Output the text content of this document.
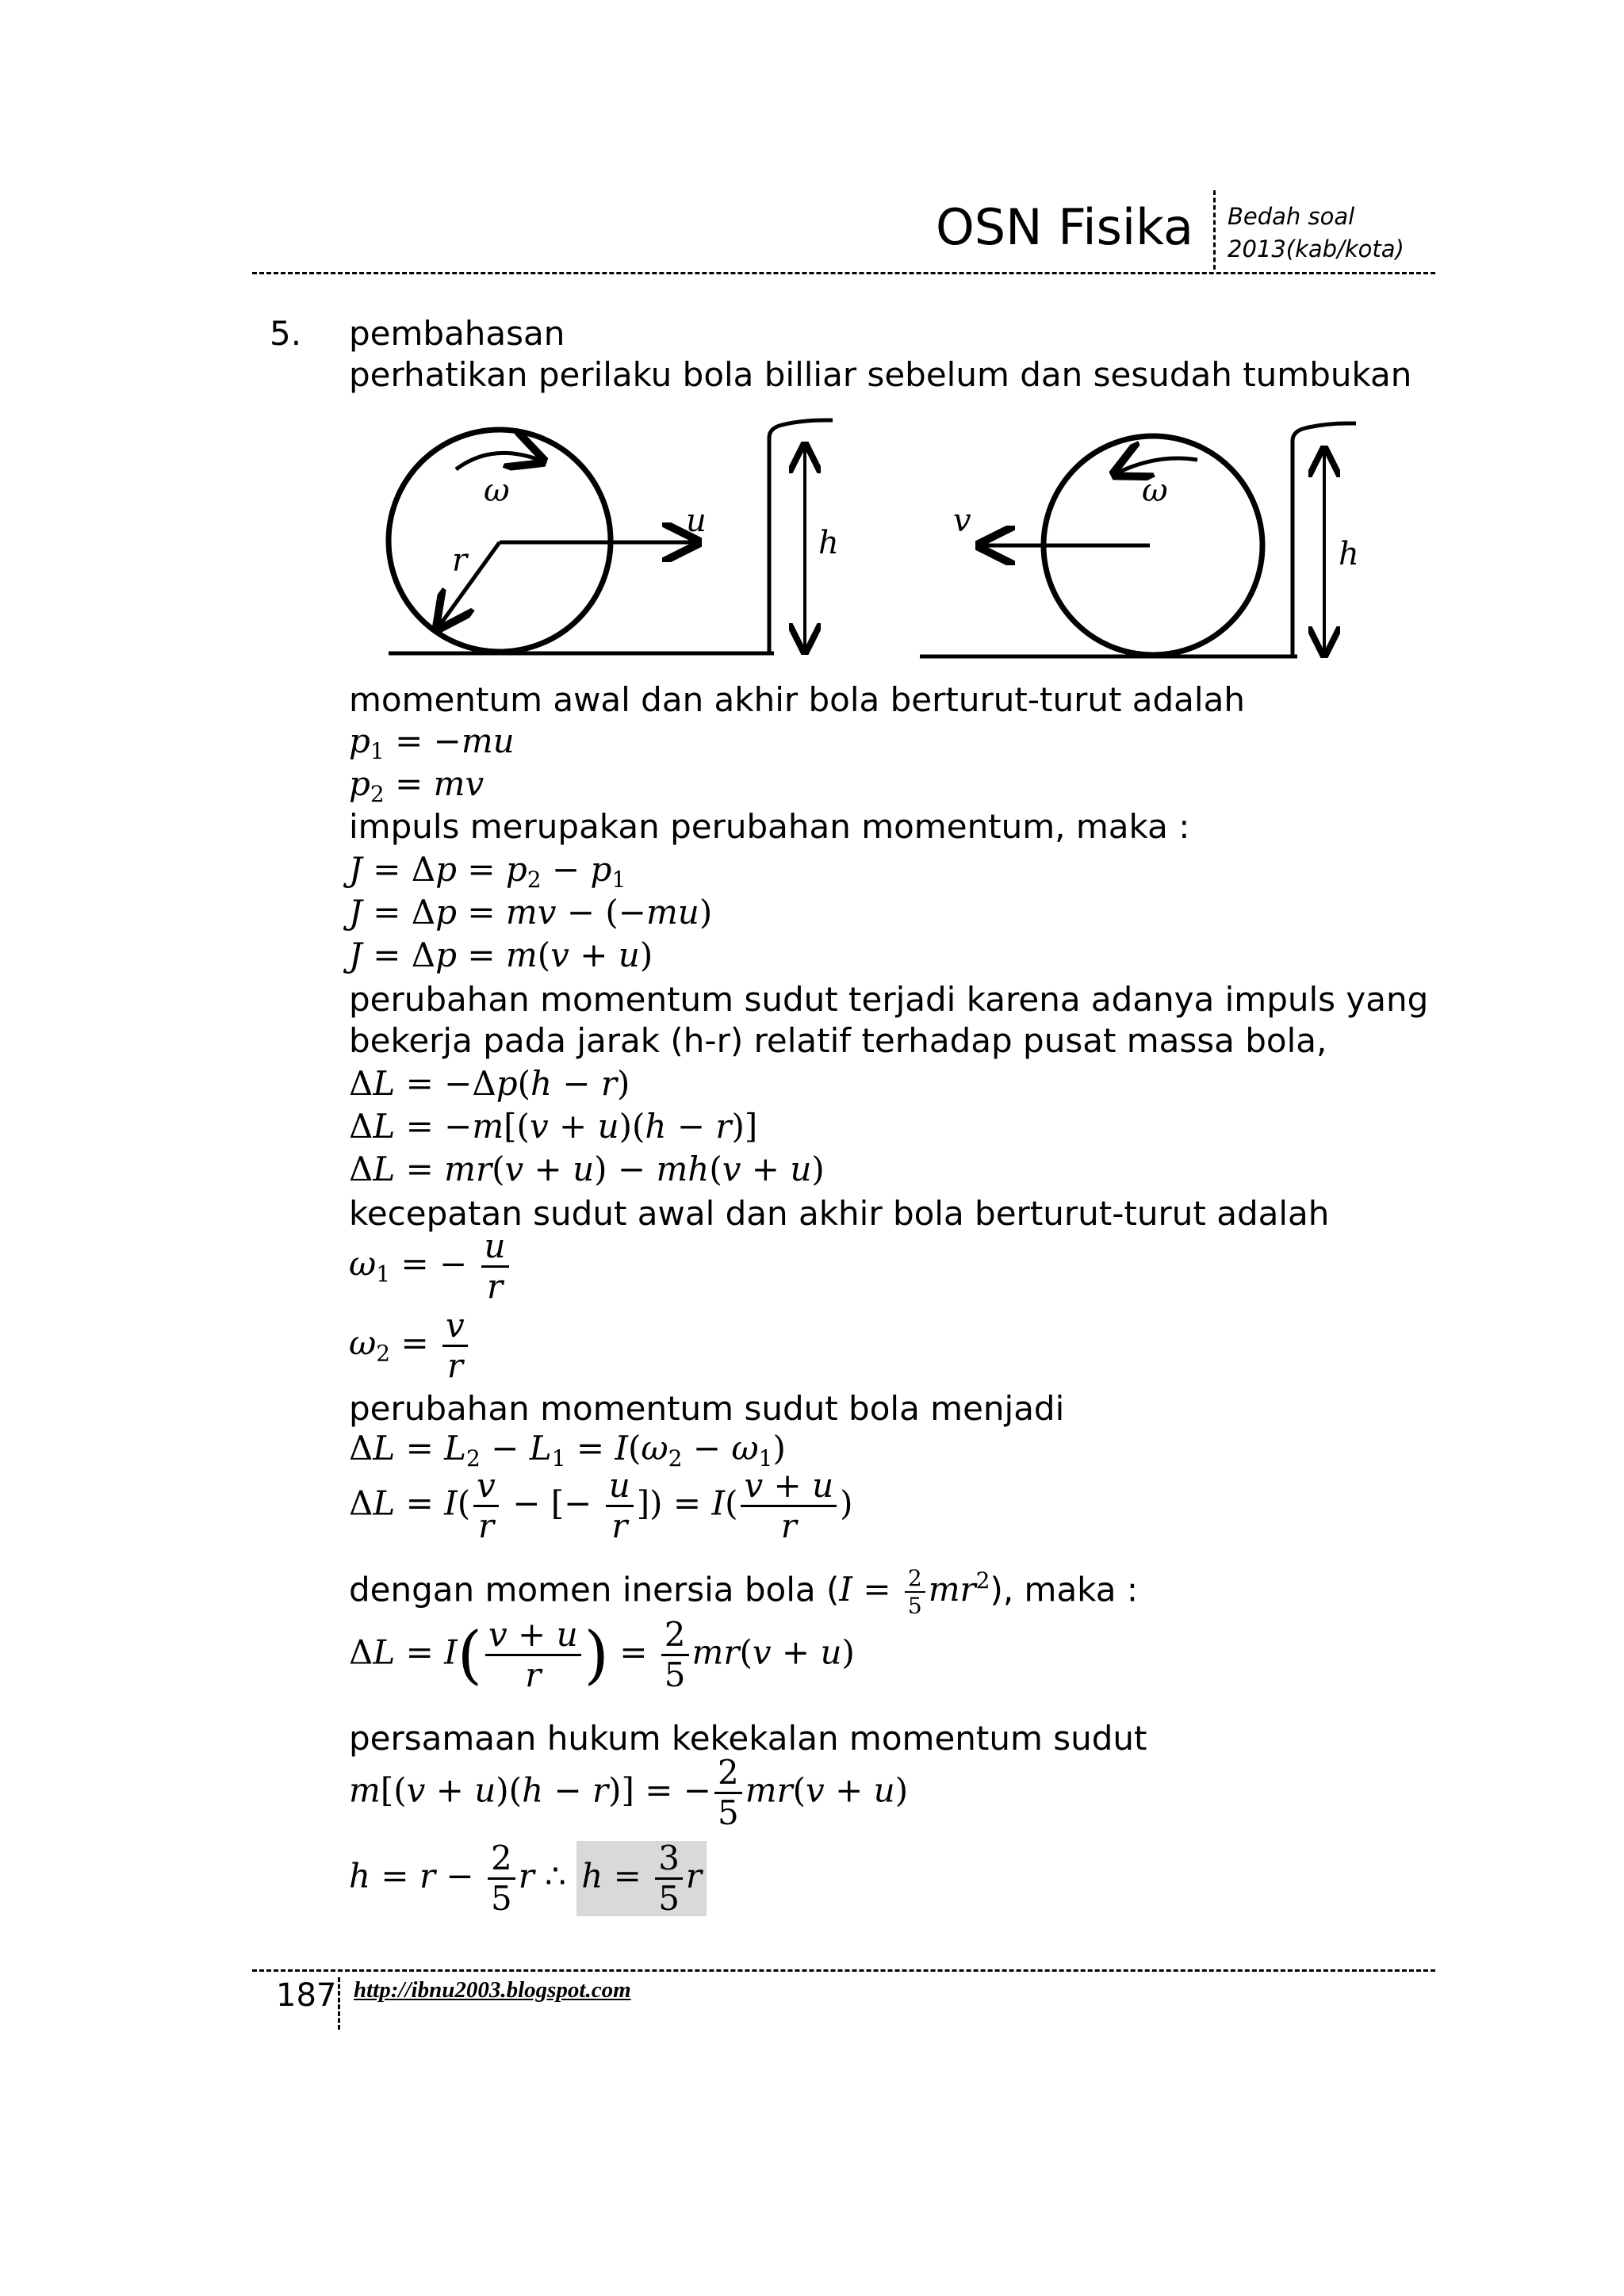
OSN Fisika Bedah soal
2013(kab/kota)
5. pembahasan
perhatikan perilaku bola billiar sebelum dan sesudah tumbukan
ω
u
r	h
ω
v
h
momentum awal dan akhir bola berturut-turut adalah
$p_1 = -mu$
$p_2$ = mv
impuls merupakan perubahan momentum, maka :
$J = \Delta p = p_2 - p_1$
J = Δp = mv − (−mu)
J = Δp = m(v + u)
perubahan momentum sudut terjadi karena adanya impuls yang
bekerja pada jarak (h-r) relatif terhadap pusat massa bola,
ΔL = −Δp(h − r)
ΔL = −m[(v + u)(h − r)]
ΔL = mr(v + u) − mh(v + u)
kecepatan sudut awal dan akhir bola berturut-turut adalah
$\omega_1$ = − $\frac{u}{r}$
$\omega_2 = \frac{v}{r}$
perubahan momentum sudut bola menjadi
$\Delta L = L_2 - L_1 = I(\omega_2 - \omega_1)$
$\Delta L = I( \frac{v}{r}$ − [− $\frac{u}{r}$ ]) = $I( \frac{v + u}{r}$ )
dengan momen inersia bola $(I = \frac{2}{5} mr^2)$, maka :
$\Delta L = I( \frac{v + u}{r}$ ) = $\frac{2}{5} mr(v + u)$
persamaan hukum kekekalan momentum sudut
m[(v + u)(h − r)] = − $\frac{2}{5} mr(v + u)$
$h = r - \frac{2}{5}$ r ∴ $h = \frac{3}{5}$ r
187 http://ibnu2003.blogspot.com
